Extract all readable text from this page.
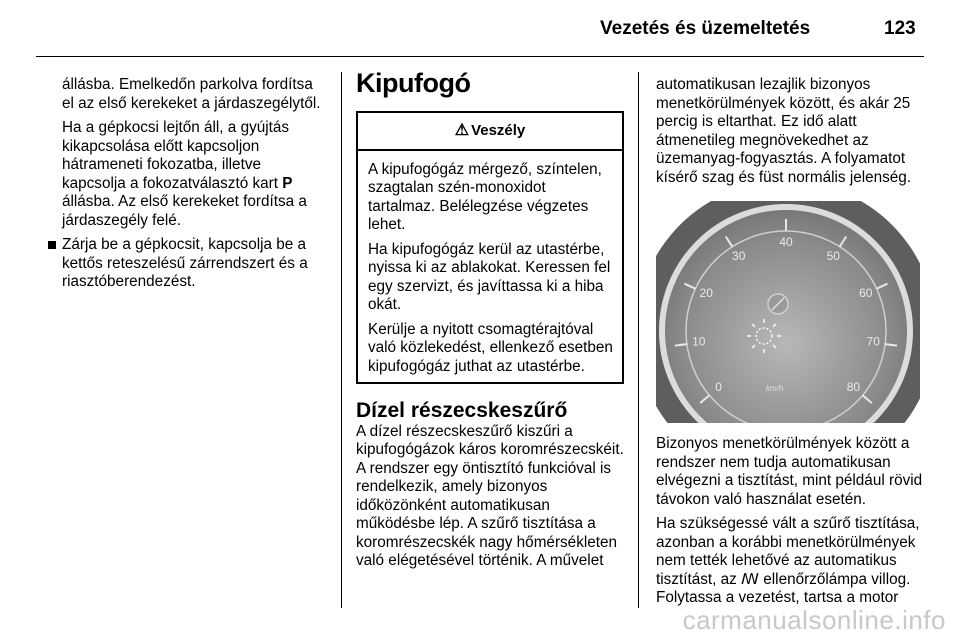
Vezetés és üzemeltetés	123

állásba. Emelkedőn parkolva fordítsa el az első kerekeket a járdaszegélytől.

Ha a gépkocsi lejtőn áll, a gyújtás kikapcsolása előtt kapcsoljon hátrameneti fokozatba, illetve kapcsolja a fokozatválasztó kart P állásba. Az első kerekeket fordítsa a járdaszegély felé.

Zárja be a gépkocsit, kapcsolja be a kettős reteszelésű zárrendszert és a riasztóberendezést.
Kipufogó
⚠ Veszély

A kipufogógáz mérgező, színtelen, szagtalan szén-monoxidot tartalmaz. Belélegzése végzetes lehet.

Ha kipufogógáz kerül az utastérbe, nyissa ki az ablakokat. Keressen fel egy szervizt, és javíttassa ki a hiba okát.

Kerülje a nyitott csomagtérajtóval való közlekedést, ellenkező esetben kipufogógáz juthat az utastérbe.

Dízel részecskeszűrő

A dízel részecskeszűrő kiszűri a kipufogógázok káros koromrészecskéit. A rendszer egy öntisztító funkcióval is rendelkezik, amely bizonyos időközönként automatikusan működésbe lép. A szűrő tisztítása a koromrészecskék nagy hőmérsékleten való elégetésével történik. A művelet

automatikusan lezajlik bizonyos menetkörülmények között, és akár 25 percig is eltarthat. Ez idő alatt átmenetileg megnövekedhet az üzemanyag-fogyasztás. A folyamatot kísérő szag és füst normális jelenség.

0
10
20
30
40
50
60
70
80
km/h

Bizonyos menetkörülmények között a rendszer nem tudja automatikusan elvégezni a tisztítást, mint például rövid távokon való használat esetén.

Ha szükségessé vált a szűrő tisztítása, azonban a korábbi menetkörülmények nem tették lehetővé az automatikus tisztítást, az ꟿ ellenőrzőlámpa villog. Folytassa a vezetést, tartsa a motor

carmanualsonline.info
